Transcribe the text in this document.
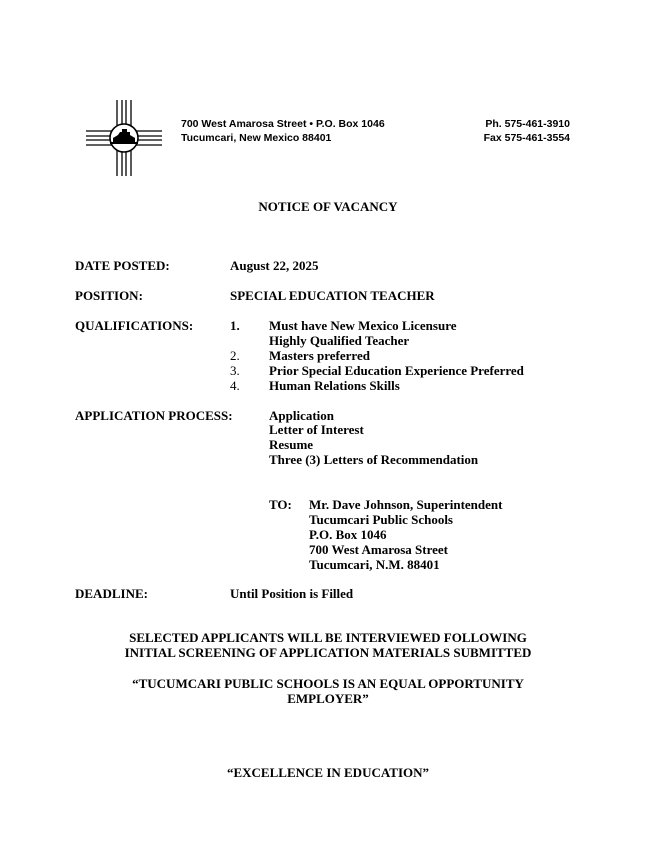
700 West Amarosa Street • P.O. Box 1046
Tucumcari, New Mexico 88401
Ph. 575-461-3910
Fax 575-461-3554
NOTICE OF VACANCY
DATE POSTED:	August 22, 2025
POSITION:	SPECIAL EDUCATION TEACHER
QUALIFICATIONS:	1. Must have New Mexico Licensure
Highly Qualified Teacher
2. Masters preferred
3. Prior Special Education Experience Preferred
4. Human Relations Skills
APPLICATION PROCESS:	Application
Letter of Interest
Resume
Three (3) Letters of Recommendation
TO: Mr. Dave Johnson, Superintendent
Tucumcari Public Schools
P.O. Box 1046
700 West Amarosa Street
Tucumcari, N.M. 88401
DEADLINE:	Until Position is Filled
SELECTED APPLICANTS WILL BE INTERVIEWED FOLLOWING
INITIAL SCREENING OF APPLICATION MATERIALS SUBMITTED
“TUCUMCARI PUBLIC SCHOOLS IS AN EQUAL OPPORTUNITY
EMPLOYER”
“EXCELLENCE IN EDUCATION”
